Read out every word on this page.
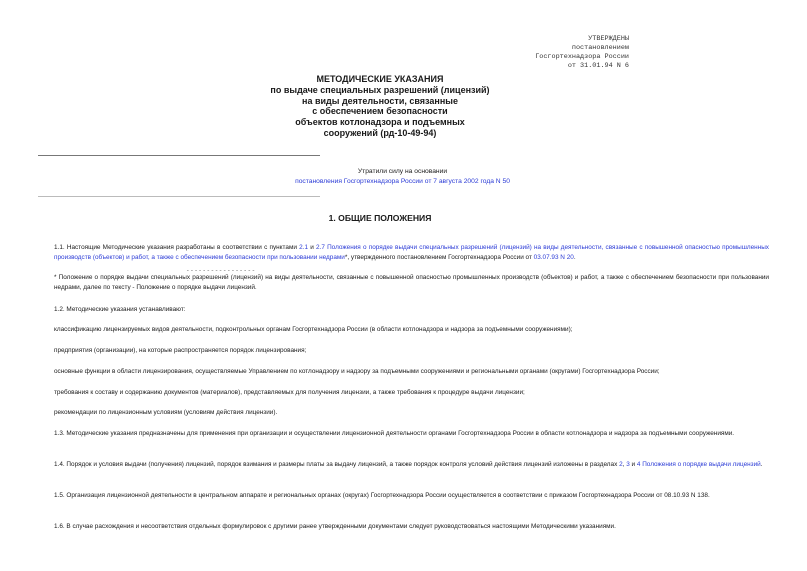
УТВЕРЖДЕНЫ
постановлением
Госгортехнадзора России
от 31.01.94 N 6
МЕТОДИЧЕСКИЕ УКАЗАНИЯ
по выдаче специальных разрешений (лицензий)
на виды деятельности, связанные
с обеспечением безопасности
объектов котлонадзора и подъемных
сооружений (рд-10-49-94)
Утратили силу на основании
постановления Госгортехнадзора России от 7 августа 2002 года N 50
1. ОБЩИЕ ПОЛОЖЕНИЯ
1.1. Настоящие Методические указания разработаны в соответствии с пунктами 2.1 и 2.7 Положения о порядке выдачи специальных разрешений (лицензий) на виды деятельности, связанные с повышенной опасностью промышленных производств (объектов) и работ, а также с обеспечением безопасности при пользовании недрами*, утвержденного постановлением Госгортехнадзора России от 03.07.93 N 20.
-----------------
* Положение о порядке выдачи специальных разрешений (лицензий) на виды деятельности, связанные с повышенной опасностью промышленных производств (объектов) и работ, а также с обеспечением безопасности при пользовании недрами, далее по тексту - Положение о порядке выдачи лицензий.
1.2. Методические указания устанавливают:
классификацию лицензируемых видов деятельности, подконтрольных органам Госгортехнадзора России (в области котлонадзора и надзора за подъемными сооружениями);
предприятия (организации), на которые распространяется порядок лицензирования;
основные функции в области лицензирования, осуществляемые Управлением по котлонадзору и надзору за подъемными сооружениями и региональными органами (округами) Госгортехнадзора России;
требования к составу и содержанию документов (материалов), представляемых для получения лицензии, а также требования к процедуре выдачи лицензии;
рекомендации по лицензионным условиям (условиям действия лицензии).
1.3. Методические указания предназначены для применения при организации и осуществлении лицензионной деятельности органами Госгортехнадзора России в области котлонадзора и надзора за подъемными сооружениями.
1.4. Порядок и условия выдачи (получения) лицензий, порядок взимания и размеры платы за выдачу лицензий, а также порядок контроля условий действия лицензий изложены в разделах 2, 3 и 4 Положения о порядке выдачи лицензий.
1.5. Организация лицензионной деятельности в центральном аппарате и региональных органах (округах) Госгортехнадзора России осуществляется в соответствии с приказом Госгортехнадзора России от 08.10.93 N 138.
1.6. В случае расхождения и несоответствия отдельных формулировок с другими ранее утвержденными документами следует руководствоваться настоящими Методическими указаниями.
